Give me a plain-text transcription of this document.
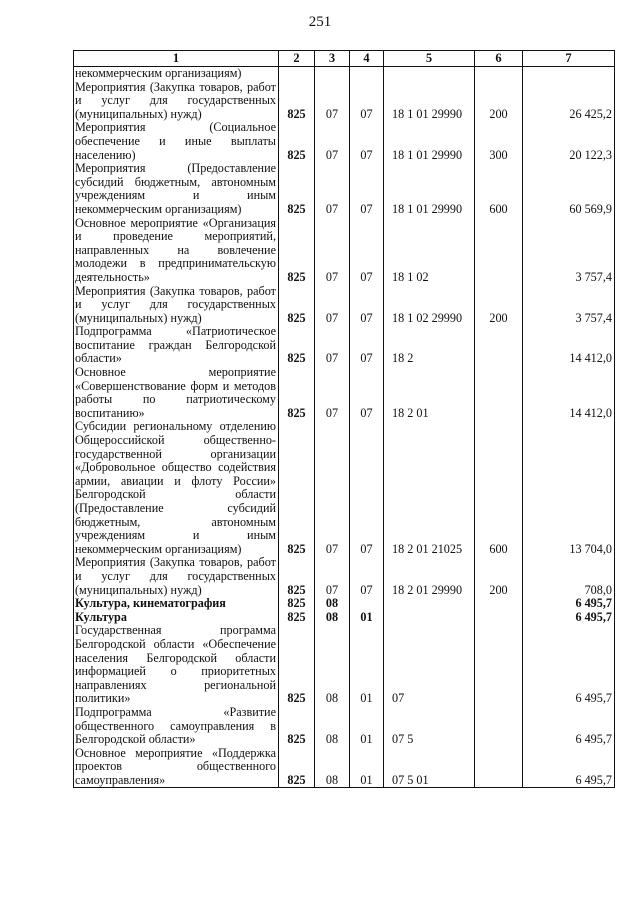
251
1	2	3	4	5	6	7
некоммерческим организациям)						
Мероприятия (Закупка товаров, работ и услуг для государственных (муниципальных) нужд)	825	07	07	18 1 01 29990	200	26 425,2
Мероприятия (Социальное обеспечение и иные выплаты населению)	825	07	07	18 1 01 29990	300	20 122,3
Мероприятия (Предоставление субсидий бюджетным, автономным учреждениям и иным некоммерческим организациям)	825	07	07	18 1 01 29990	600	60 569,9
Основное мероприятие «Организация и проведение мероприятий, направленных на вовлечение молодежи в предпринимательскую деятельность»	825	07	07	18 1 02		3 757,4
Мероприятия (Закупка товаров, работ и услуг для государственных (муниципальных) нужд)	825	07	07	18 1 02 29990	200	3 757,4
Подпрограмма «Патриотическое воспитание граждан Белгородской области»	825	07	07	18 2		14 412,0
Основное мероприятие «Совершенствование форм и методов работы по патриотическому воспитанию»	825	07	07	18 2 01		14 412,0
Субсидии региональному отделению Общероссийской общественно-государственной организации «Добровольное общество содействия армии, авиации и флоту России» Белгородской области (Предоставление субсидий бюджетным, автономным учреждениям и иным некоммерческим организациям)	825	07	07	18 2 01 21025	600	13 704,0
Мероприятия (Закупка товаров, работ и услуг для государственных (муниципальных) нужд)	825	07	07	18 2 01 29990	200	708,0
Культура, кинематография	825	08				6 495,7
Культура	825	08	01			6 495,7
Государственная программа Белгородской области «Обеспечение населения Белгородской области информацией о приоритетных направлениях региональной политики»	825	08	01	07		6 495,7
Подпрограмма «Развитие общественного самоуправления в Белгородской области»	825	08	01	07 5		6 495,7
Основное мероприятие «Поддержка проектов общественного самоуправления»	825	08	01	07 5 01		6 495,7
